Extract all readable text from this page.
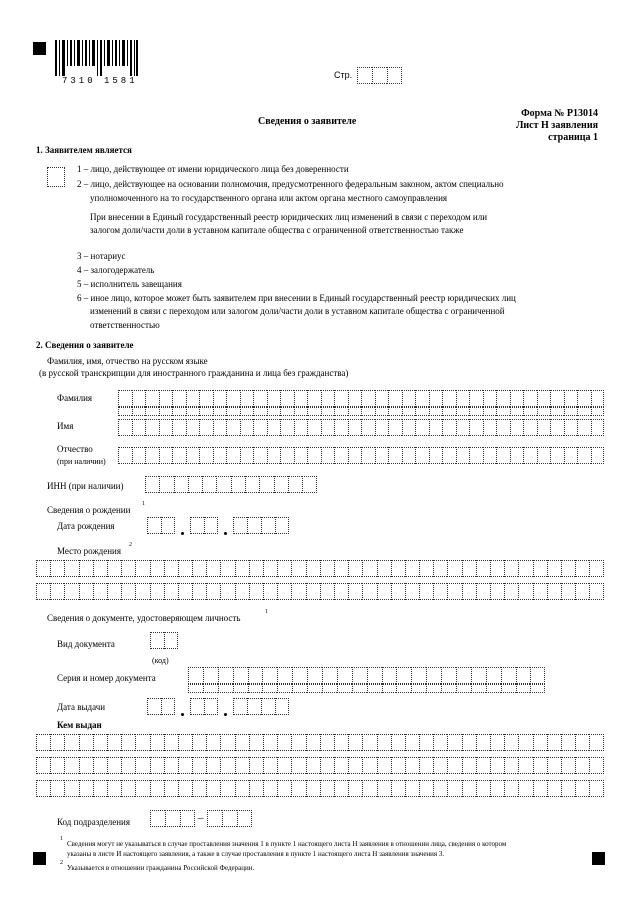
7310 1581
Стр.
Форма № Р13014
Лист Н заявления
страница 1
Сведения о заявителе
1. Заявителем является
1 – лицо, действующее от имени юридического лица без доверенности
2 – лицо, действующее на основании полномочия, предусмотренного федеральным законом, актом специально
уполномоченного на то государственного органа или актом органа местного самоуправления
При внесении в Единый государственный реестр юридических лиц изменений в связи с переходом или
залогом доли/части доли в уставном капитале общества с ограниченной ответственностью также
3 – нотариус
4 – залогодержатель
5 – исполнитель завещания
6 – иное лицо, которое может быть заявителем при внесении в Единый государственный реестр юридических лиц
изменений в связи с переходом или залогом доли/части доли в уставном капитале общества с ограниченной
ответственностью
2. Сведения о заявителе
Фамилия, имя, отчество на русском языке
(в русской транскрипции для иностранного гражданина и лица без гражданства)
Фамилия
Имя
Отчество
(при наличии)
ИНН (при наличии)
Сведения о рождении
1
Дата рождения
Место рождения
2
Сведения о документе, удостоверяющем личность
1
Вид документа
(код)
Серия и номер документа
Дата выдачи
Кем выдан
Код подразделения	–
1
Сведения могут не указываться в случае проставления значения 1 в пункте 1 настоящего листа Н заявления в отношении лица, сведения о котором
указаны в листе И настоящего заявления, а также в случае проставления в пункте 1 настоящего листа Н заявления значения 3.
2
Указывается в отношении гражданина Российской Федерации.
